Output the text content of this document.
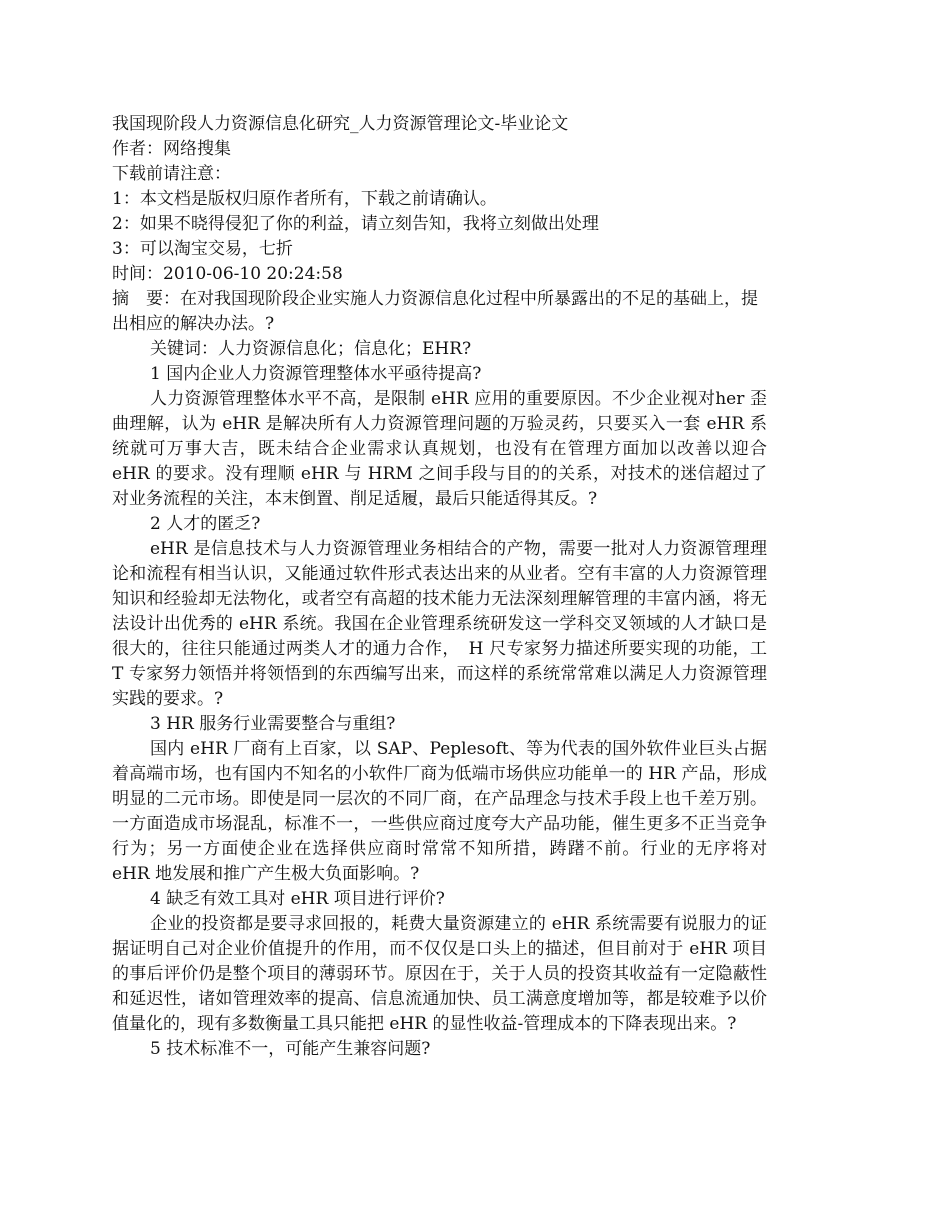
我国现阶段人力资源信息化研究_人力资源管理论文-毕业论文
作者：网络搜集
下载前请注意：
1：本文档是版权归原作者所有，下载之前请确认。
2：如果不晓得侵犯了你的利益，请立刻告知，我将立刻做出处理
3：可以淘宝交易，七折
时间：2010-06-10 20:24:58
摘　要：在对我国现阶段企业实施人力资源信息化过程中所暴露出的不足的基础上，提出相应的解决办法。?
关键词：人力资源信息化；信息化；EHR?
1 国内企业人力资源管理整体水平亟待提高?
人力资源管理整体水平不高，是限制 eHR 应用的重要原因。不少企业视对her 歪曲理解，认为 eHR 是解决所有人力资源管理问题的万验灵药，只要买入一套 eHR 系统就可万事大吉，既未结合企业需求认真规划，也没有在管理方面加以改善以迎合 eHR 的要求。没有理顺 eHR 与 HRM 之间手段与目的的关系，对技术的迷信超过了对业务流程的关注，本末倒置、削足适履，最后只能适得其反。?
2 人才的匿乏?
eHR 是信息技术与人力资源管理业务相结合的产物，需要一批对人力资源管理理论和流程有相当认识，又能通过软件形式表达出来的从业者。空有丰富的人力资源管理知识和经验却无法物化，或者空有高超的技术能力无法深刻理解管理的丰富内涵，将无法设计出优秀的 eHR 系统。我国在企业管理系统研发这一学科交叉领域的人才缺口是很大的，往往只能通过两类人才的通力合作，　H 尺专家努力描述所要实现的功能，工 T 专家努力领悟并将领悟到的东西编写出来，而这样的系统常常难以满足人力资源管理实践的要求。?
3 HR 服务行业需要整合与重组?
国内 eHR 厂商有上百家，以 SAP、Peplesoft、等为代表的国外软件业巨头占据着高端市场，也有国内不知名的小软件厂商为低端市场供应功能单一的 HR 产品，形成明显的二元市场。即使是同一层次的不同厂商，在产品理念与技术手段上也千差万别。一方面造成市场混乱，标准不一，一些供应商过度夸大产品功能，催生更多不正当竞争行为；另一方面使企业在选择供应商时常常不知所措，踌躇不前。行业的无序将对 eHR 地发展和推广产生极大负面影响。?
4 缺乏有效工具对 eHR 项目进行评价?
企业的投资都是要寻求回报的，耗费大量资源建立的 eHR 系统需要有说服力的证据证明自己对企业价值提升的作用，而不仅仅是口头上的描述，但目前对于 eHR 项目的事后评价仍是整个项目的薄弱环节。原因在于，关于人员的投资其收益有一定隐蔽性和延迟性，诸如管理效率的提高、信息流通加快、员工满意度增加等，都是较难予以价值量化的，现有多数衡量工具只能把 eHR 的显性收益-管理成本的下降表现出来。?
5 技术标准不一，可能产生兼容问题?
